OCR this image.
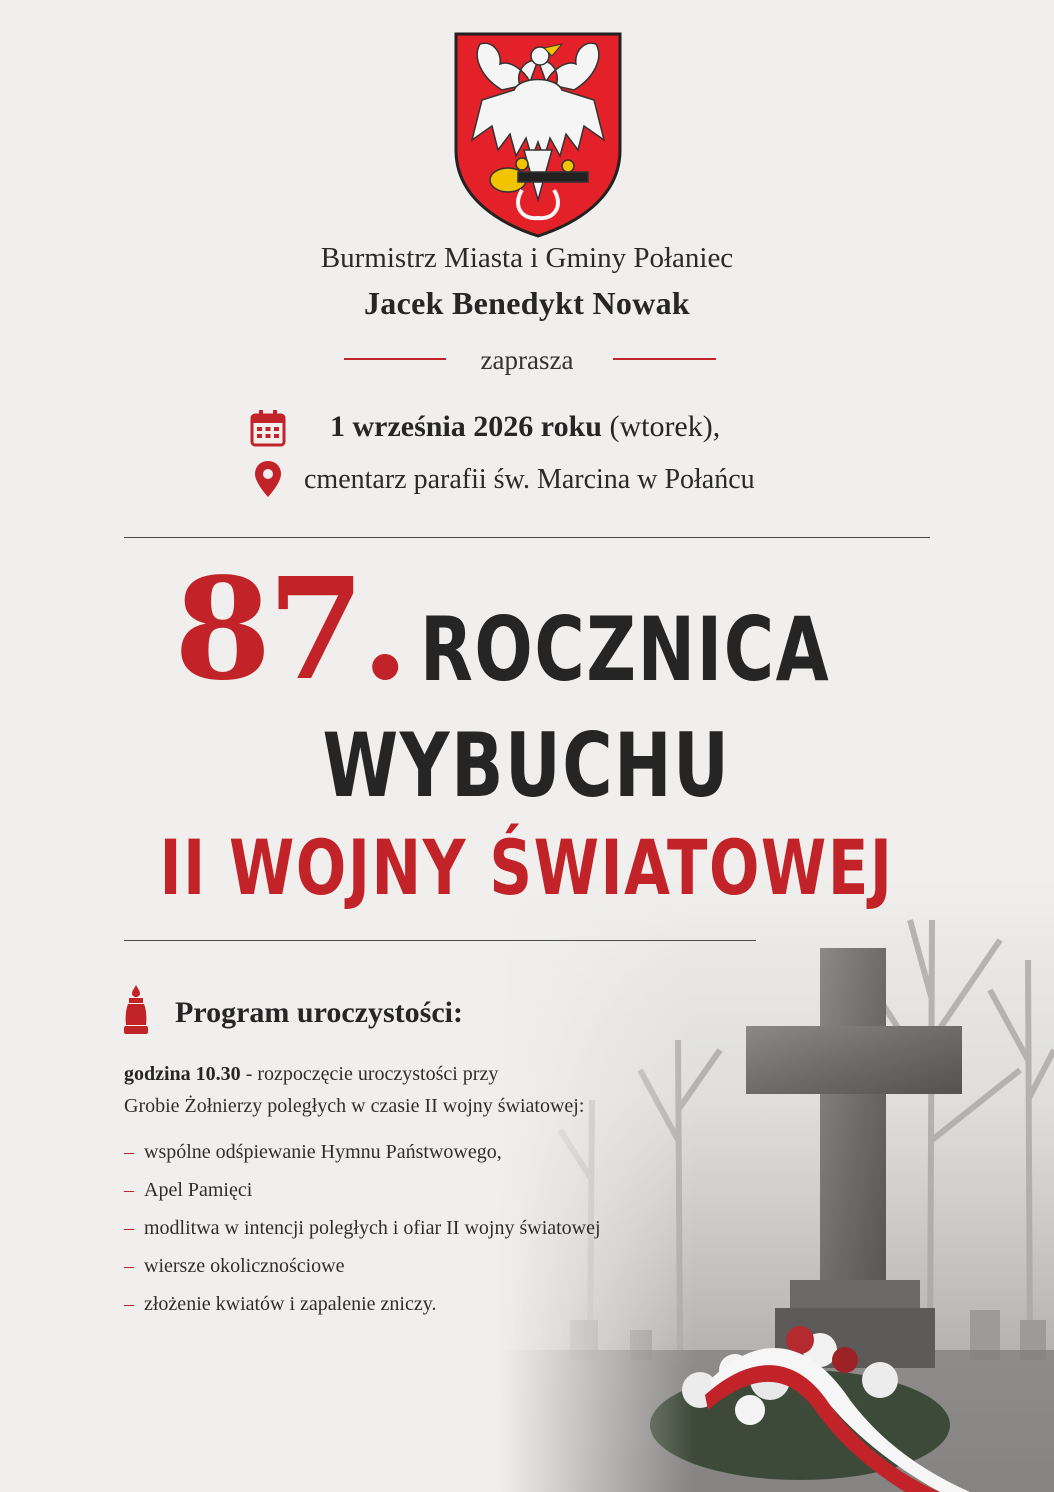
Burmistrz Miasta i Gminy Połaniec
Jacek Benedykt Nowak
zaprasza
1 września 2026 roku (wtorek),
cmentarz parafii św. Marcina w Połańcu
87. ROCZNICA
WYBUCHU
II WOJNY ŚWIATOWEJ
Program uroczystości:
godzina 10.30 - rozpoczęcie uroczystości przy
Grobie Żołnierzy poległych w czasie II wojny światowej:
– wspólne odśpiewanie Hymnu Państwowego,
– Apel Pamięci
– modlitwa w intencji poległych i ofiar II wojny światowej
– wiersze okolicznościowe
– złożenie kwiatów i zapalenie zniczy.
